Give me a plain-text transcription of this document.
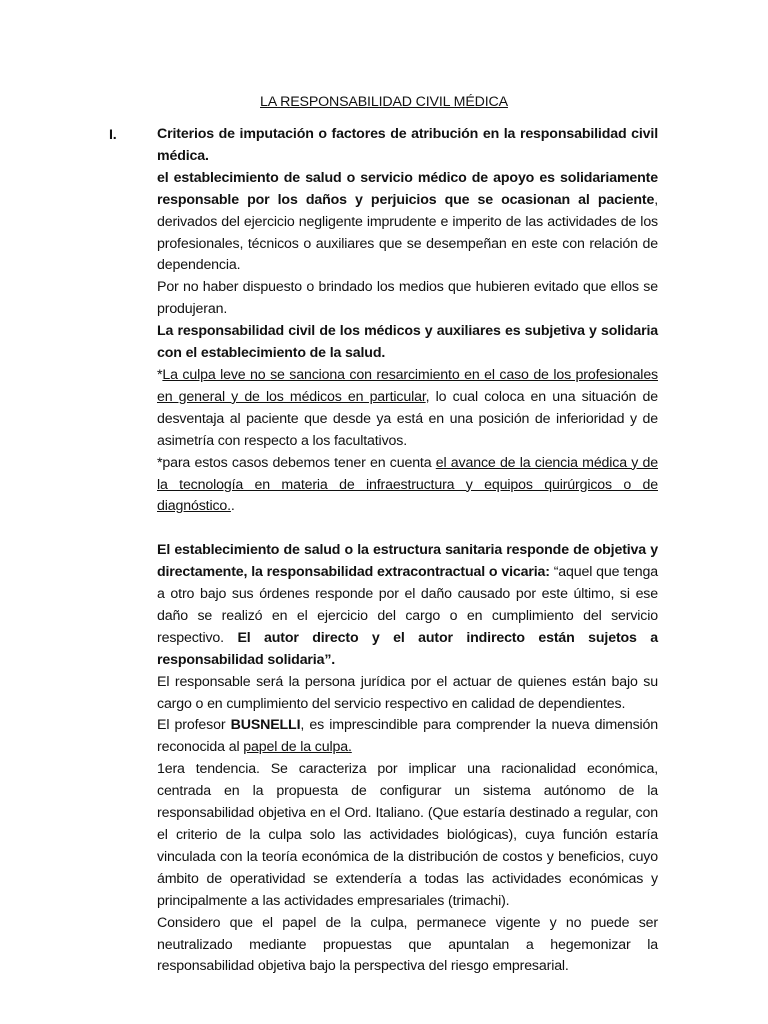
LA RESPONSABILIDAD CIVIL MÉDICA
I.	Criterios de imputación o factores de atribución en la responsabilidad civil médica.

el establecimiento de salud o servicio médico de apoyo es solidariamente responsable por los daños y perjuicios que se ocasionan al paciente, derivados del ejercicio negligente imprudente e imperito de las actividades de los profesionales, técnicos o auxiliares que se desempeñan en este con relación de dependencia.

Por no haber dispuesto o brindado los medios que hubieren evitado que ellos se produjeran.

La responsabilidad civil de los médicos y auxiliares es subjetiva y solidaria con el establecimiento de la salud.

*La culpa leve no se sanciona con resarcimiento en el caso de los profesionales en general y de los médicos en particular, lo cual coloca en una situación de desventaja al paciente que desde ya está en una posición de inferioridad y de asimetría con respecto a los facultativos.

*para estos casos debemos tener en cuenta el avance de la ciencia médica y de la tecnología en materia de infraestructura y equipos quirúrgicos o de diagnóstico..

El establecimiento de salud o la estructura sanitaria responde de objetiva y directamente, la responsabilidad extracontractual o vicaria: “aquel que tenga a otro bajo sus órdenes responde por el daño causado por este último, si ese daño se realizó en el ejercicio del cargo o en cumplimiento del servicio respectivo. El autor directo y el autor indirecto están sujetos a responsabilidad solidaria”.

El responsable será la persona jurídica por el actuar de quienes están bajo su cargo o en cumplimiento del servicio respectivo en calidad de dependientes.

El profesor BUSNELLI, es imprescindible para comprender la nueva dimensión reconocida al papel de la culpa.

1era tendencia. Se caracteriza por implicar una racionalidad económica, centrada en la propuesta de configurar un sistema autónomo de la responsabilidad objetiva en el Ord. Italiano. (Que estaría destinado a regular, con el criterio de la culpa solo las actividades biológicas), cuya función estaría vinculada con la teoría económica de la distribución de costos y beneficios, cuyo ámbito de operatividad se extendería a todas las actividades económicas y principalmente a las actividades empresariales (trimachi).

Considero que el papel de la culpa, permanece vigente y no puede ser neutralizado mediante propuestas que apuntalan a hegemonizar la responsabilidad objetiva bajo la perspectiva del riesgo empresarial.
